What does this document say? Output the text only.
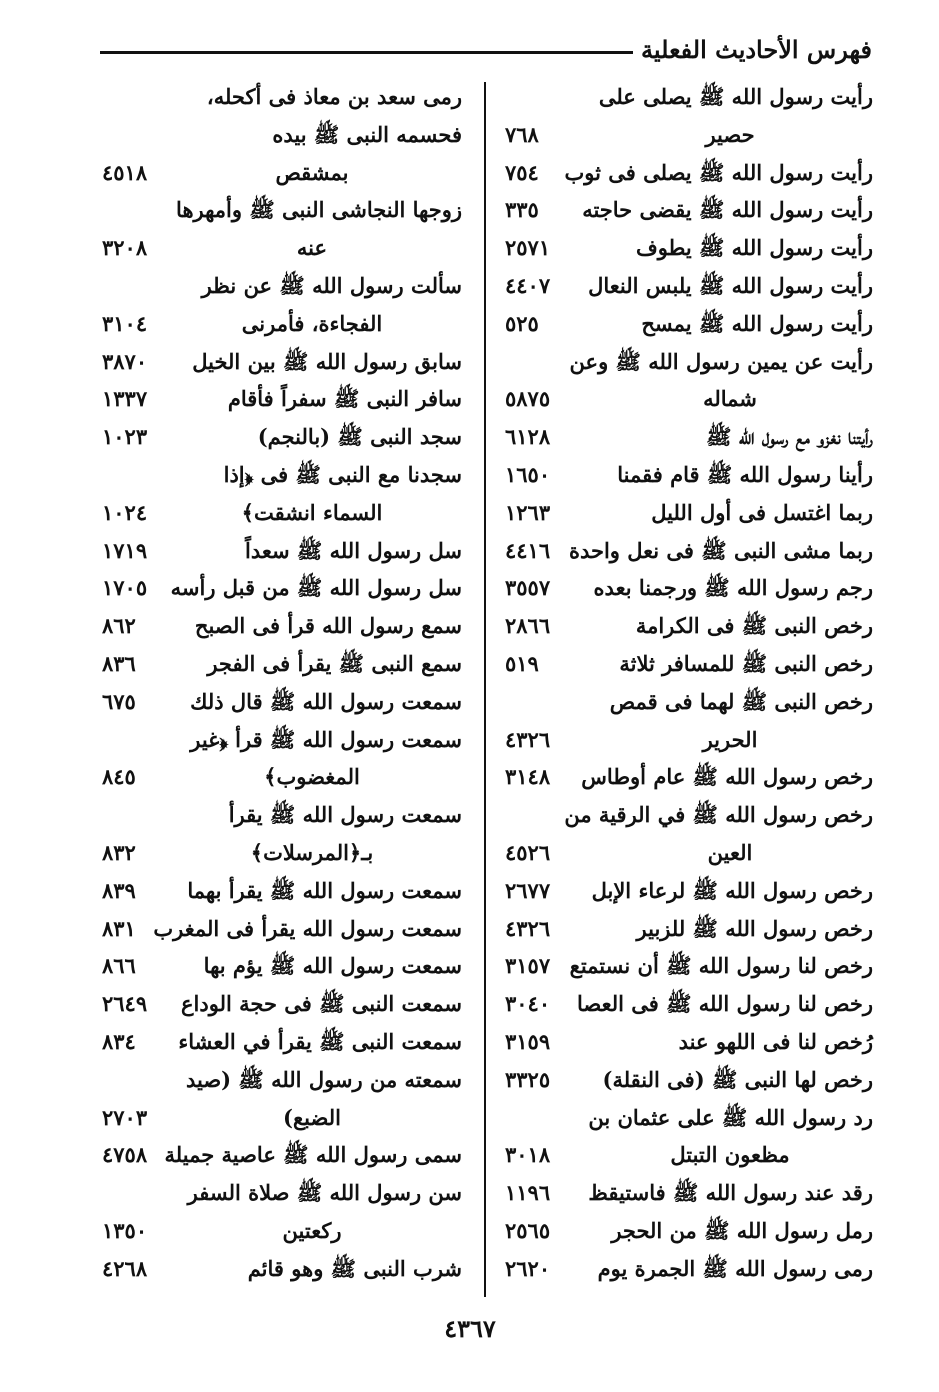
فهرس الأحاديث الفعلية
رأيت رسول الله ﷺ يصلى على
حصير
٧٦٨
رأيت رسول الله ﷺ يصلى فى ثوب
٧٥٤
رأيت رسول الله ﷺ يقضى حاجته
٣٣٥
رأيت رسول الله ﷺ يطوف
٢٥٧١
رأيت رسول الله ﷺ يلبس النعال
٤٤٠٧
رأيت رسول الله ﷺ يمسح
٥٢٥
رأيت عن يمين رسول الله ﷺ وعن
شماله
٥٨٧٥
رأيتنا نغزو مع رسول الله ﷺ
٦١٢٨
رأينا رسول الله ﷺ قام فقمنا
١٦٥٠
ربما اغتسل فى أول الليل
١٢٦٣
ربما مشى النبى ﷺ فى نعل واحدة
٤٤١٦
رجم رسول الله ﷺ ورجمنا بعده
٣٥٥٧
رخص النبى ﷺ فى الكرامة
٢٨٦٦
رخص النبى ﷺ للمسافر ثلاثة
٥١٩
رخص النبى ﷺ لهما فى قمص
الحرير
٤٣٢٦
رخص رسول الله ﷺ عام أوطاس
٣١٤٨
رخص رسول الله ﷺ في الرقية من
العين
٤٥٢٦
رخص رسول الله ﷺ لرعاء الإبل
٢٦٧٧
رخص رسول الله ﷺ للزبير
٤٣٢٦
رخص لنا رسول الله ﷺ أن نستمتع
٣١٥٧
رخص لنا رسول الله ﷺ فى العصا
٣٠٤٠
رُخص لنا فى اللهو عند
٣١٥٩
رخص لها النبى ﷺ (فى النقلة)
٣٣٢٥
رد رسول الله ﷺ على عثمان بن
مظعون التبتل
٣٠١٨
رقد عند رسول الله ﷺ فاستيقظ
١١٩٦
رمل رسول الله ﷺ من الحجر
٢٥٦٥
رمى رسول الله ﷺ الجمرة يوم
٢٦٢٠
رمى سعد بن معاذ فى أكحله،
فحسمه النبى ﷺ بيده
بمشقص
٤٥١٨
زوجها النجاشى النبى ﷺ وأمهرها
عنه
٣٢٠٨
سألت رسول الله ﷺ عن نظر
الفجاءة، فأمرنى
٣١٠٤
سابق رسول الله ﷺ بين الخيل
٣٨٧٠
سافر النبى ﷺ سفراً فأقام
١٣٣٧
سجد النبى ﷺ (بالنجم)
١٠٢٣
سجدنا مع النبى ﷺ فى ﴿إذا
السماء انشقت﴾
١٠٢٤
سل رسول الله ﷺ سعداً
١٧١٩
سل رسول الله ﷺ من قبل رأسه
١٧٠٥
سمع رسول الله قرأ فى الصبح
٨٦٢
سمع النبى ﷺ يقرأ فى الفجر
٨٣٦
سمعت رسول الله ﷺ قال ذلك
٦٧٥
سمعت رسول الله ﷺ قرأ ﴿غير
المغضوب﴾
٨٤٥
سمعت رسول الله ﷺ يقرأ
بـ﴿المرسلات﴾
٨٣٢
سمعت رسول الله ﷺ يقرأ بهما
٨٣٩
سمعت رسول الله يقرأ فى المغرب
٨٣١
سمعت رسول الله ﷺ يؤم بها
٨٦٦
سمعت النبى ﷺ فى حجة الوداع
٢٦٤٩
سمعت النبى ﷺ يقرأ في العشاء
٨٣٤
سمعته من رسول الله ﷺ (صيد
الضبع)
٢٧٠٣
سمى رسول الله ﷺ عاصية جميلة
٤٧٥٨
سن رسول الله ﷺ صلاة السفر
ركعتين
١٣٥٠
شرب النبى ﷺ وهو قائم
٤٢٦٨
٤٣٦٧
